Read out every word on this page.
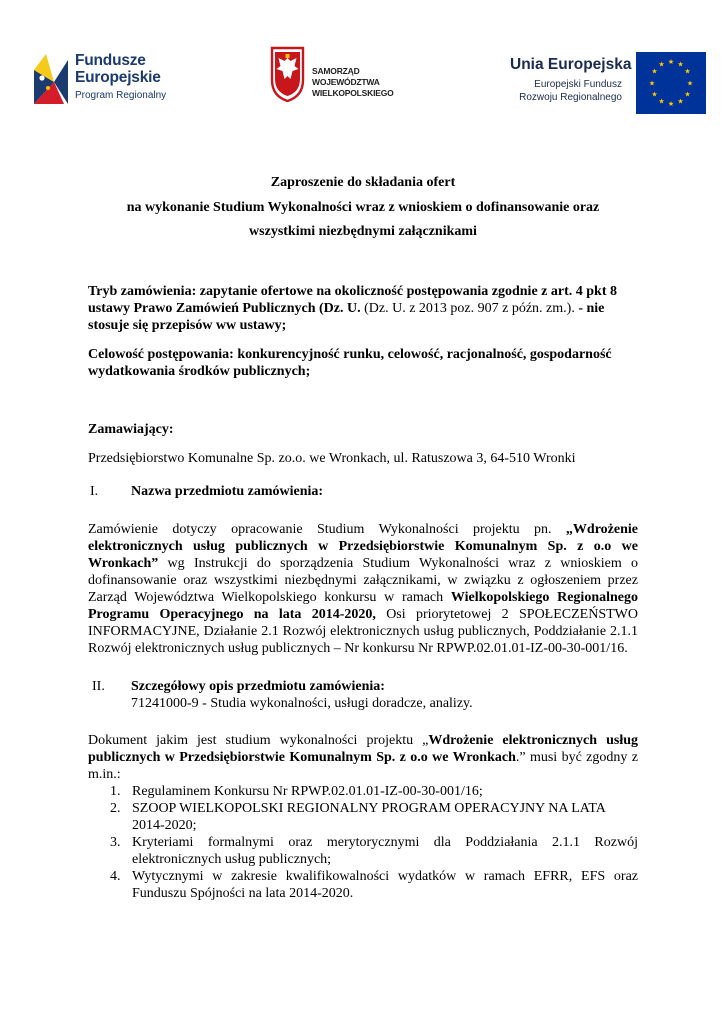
Fundusze
Europejskie
Program Regionalny
SAMORZĄD WOJEWÓDZTWA
WIELKOPOLSKIEGO
Unia Europejska
Europejski Fundusz
Rozwoju Regionalnego
★ ★
★
★
★
★
★
★
★
★
★
★
Zaproszenie do składania ofert
na wykonanie Studium Wykonalności wraz z wnioskiem o dofinansowanie oraz
wszystkimi niezbędnymi załącznikami

Tryb zamówienia: zapytanie ofertowe na okoliczność postępowania zgodnie z art. 4 pkt 8 ustawy Prawo Zamówień Publicznych (Dz. U. (Dz. U. z 2013 poz. 907 z późn. zm.). - nie stosuje się przepisów ww ustawy;

Celowość postępowania: konkurencyjność runku, celowość, racjonalność, gospodarność wydatkowania środków publicznych;

Zamawiający:

Przedsiębiorstwo Komunalne Sp. zo.o. we Wronkach, ul. Ratuszowa 3, 64-510 Wronki

I.	Nazwa przedmiotu zamówienia:

Zamówienie dotyczy opracowanie Studium Wykonalności projektu pn. „Wdrożenie elektronicznych usług publicznych w Przedsiębiorstwie Komunalnym Sp. z o.o we Wronkach” wg Instrukcji do sporządzenia Studium Wykonalności wraz z wnioskiem o dofinansowanie oraz wszystkimi niezbędnymi załącznikami, w związku z ogłoszeniem przez Zarząd Województwa Wielkopolskiego konkursu w ramach Wielkopolskiego Regionalnego Programu Operacyjnego na lata 2014-2020, Osi priorytetowej 2 SPOŁECZEŃSTWO INFORMACYJNE, Działanie 2.1 Rozwój elektronicznych usług publicznych, Poddziałanie 2.1.1 Rozwój elektronicznych usług publicznych – Nr konkursu Nr RPWP.02.01.01-IZ-00-30-001/16.

II.	Szczegółowy opis przedmiotu zamówienia:
71241000-9 - Studia wykonalności, usługi doradcze, analizy.

Dokument jakim jest studium wykonalności projektu „Wdrożenie elektronicznych usług publicznych w Przedsiębiorstwie Komunalnym Sp. z o.o we Wronkach.” musi być zgodny z m.in.:

1. Regulaminem Konkursu Nr RPWP.02.01.01-IZ-00-30-001/16;
2. SZOOP WIELKOPOLSKI REGIONALNY PROGRAM OPERACYJNY NA LATA 2014-2020;
3. Kryteriami formalnymi oraz merytorycznymi dla Poddziałania 2.1.1 Rozwój elektronicznych usług publicznych;
4. Wytycznymi w zakresie kwalifikowalności wydatków w ramach EFRR, EFS oraz Funduszu Spójności na lata 2014-2020.
